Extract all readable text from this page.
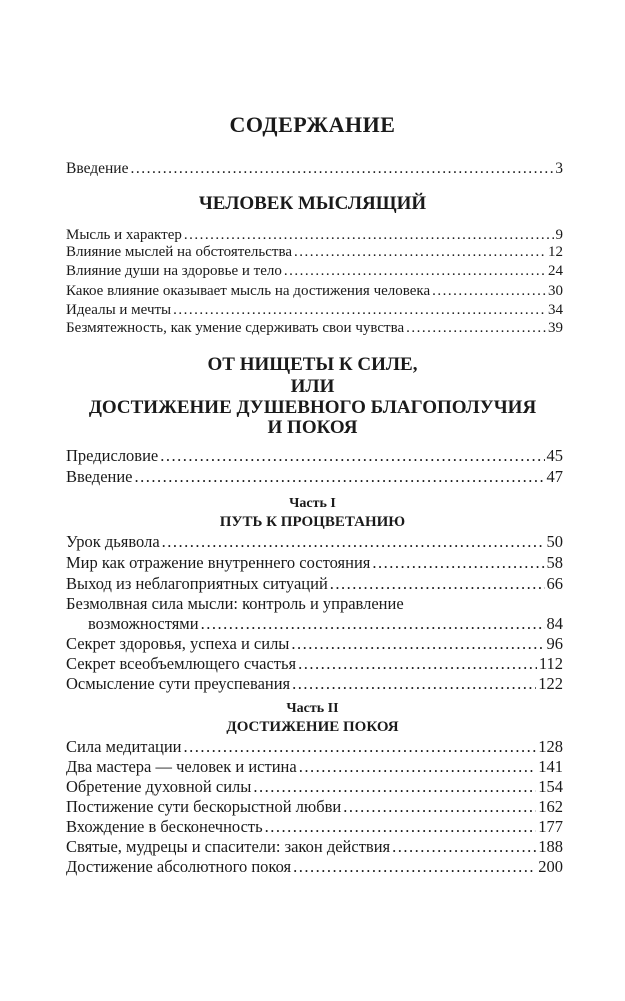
СОДЕРЖАНИЕ
Введение .....	3
ЧЕЛОВЕК МЫСЛЯЩИЙ
Мысль и характер .....	9
Влияние мыслей на обстоятельства .....	12
Влияние души на здоровье и тело .....	24
Какое влияние оказывает мысль на достижения человека .....	30
Идеалы и мечты .....	34
Безмятежность, как умение сдерживать свои чувства .....	39
ОТ НИЩЕТЫ К СИЛЕ,
ИЛИ
ДОСТИЖЕНИЕ ДУШЕВНОГО БЛАГОПОЛУЧИЯ
И ПОКОЯ
Предисловие .....	45
Введение .....	47
Часть I
ПУТЬ К ПРОЦВЕТАНИЮ
Урок дьявола .....	50
Мир как отражение внутреннего состояния .....	58
Выход из неблагоприятных ситуаций .....	66
Безмолвная сила мысли: контроль и управление
возможностями .....	84
Секрет здоровья, успеха и силы .....	96
Секрет всеобъемлющего счастья .....	112
Осмысление сути преуспевания .....	122
Часть II
ДОСТИЖЕНИЕ ПОКОЯ
Сила медитации .....	128
Два мастера — человек и истина .....	141
Обретение духовной силы .....	154
Постижение сути бескорыстной любви .....	162
Вхождение в бесконечность .....	177
Святые, мудрецы и спасители: закон действия .....	188
Достижение абсолютного покоя .....	200
